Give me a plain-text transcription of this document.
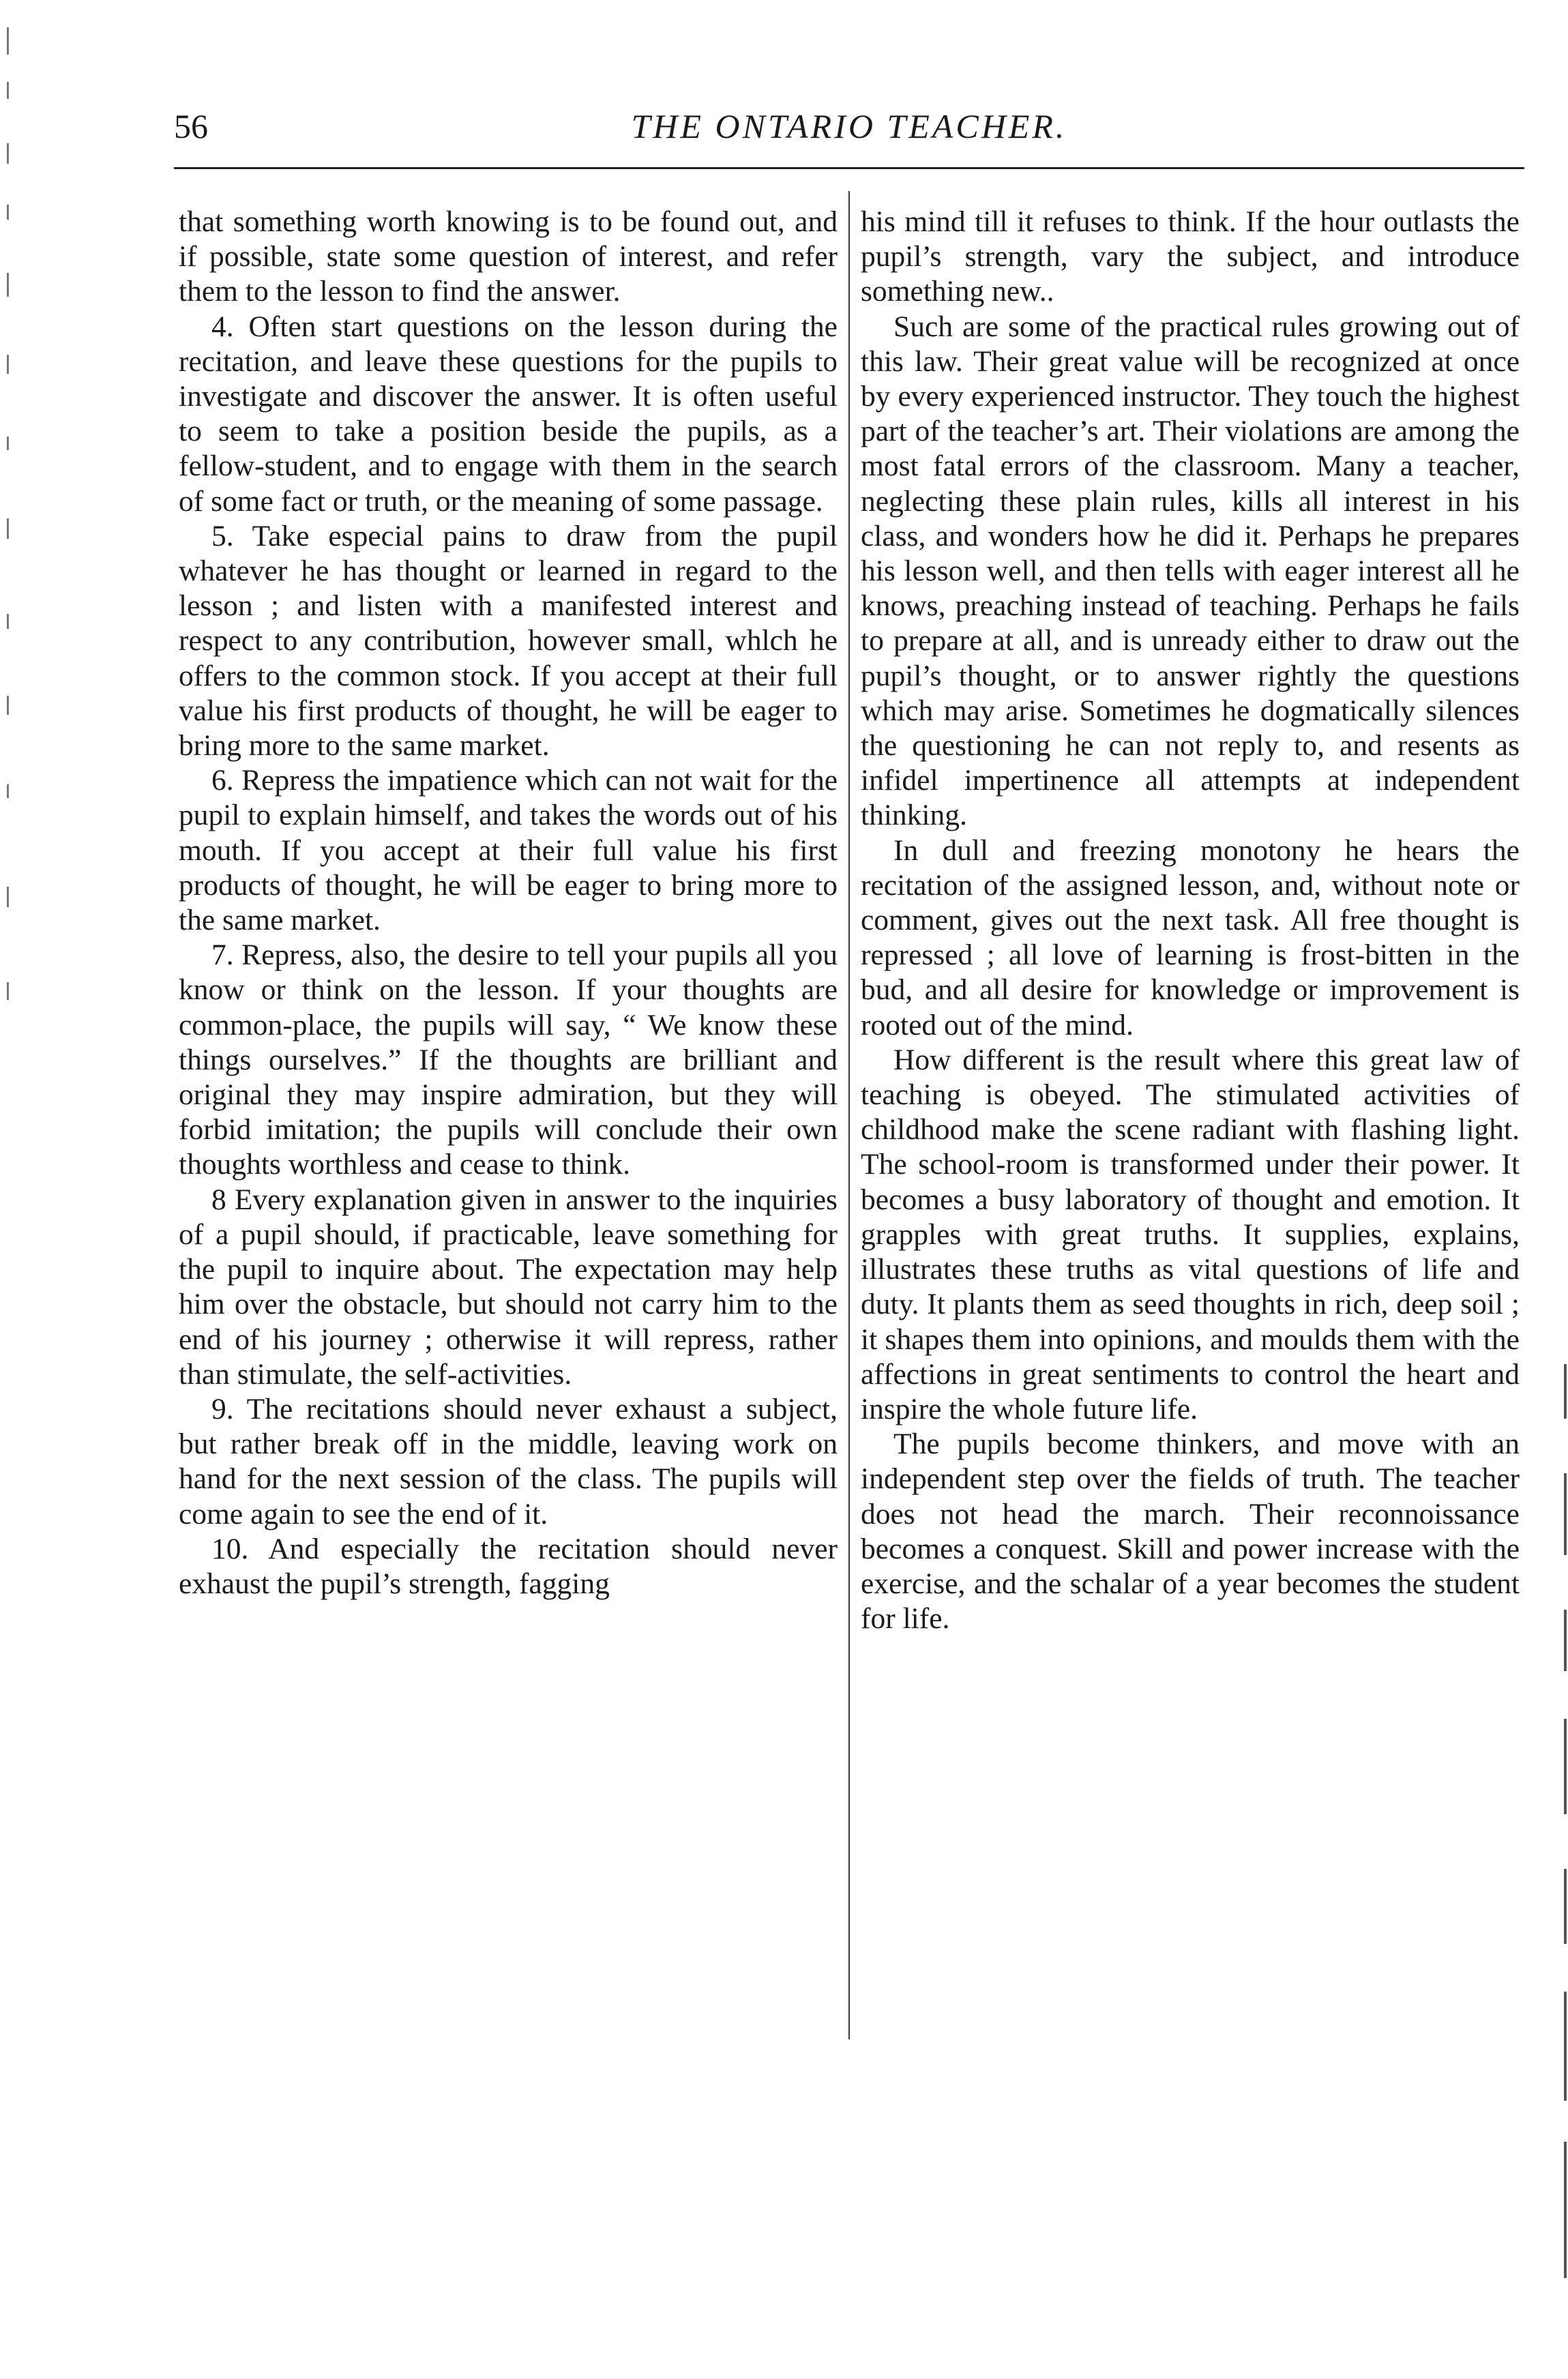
56	THE ONTARIO TEACHER.

that something worth knowing is to be found out, and if possible, state some question of interest, and refer them to the lesson to find the answer.

4. Often start questions on the lesson during the recitation, and leave these questions for the pupils to investigate and discover the answer. It is often useful to seem to take a position beside the pupils, as a fellow-student, and to engage with them in the search of some fact or truth, or the meaning of some passage.

5. Take especial pains to draw from the pupil whatever he has thought or learned in regard to the lesson ; and listen with a manifested interest and respect to any contribution, however small, whlch he offers to the common stock. If you accept at their full value his first products of thought, he will be eager to bring more to the same market.

6. Repress the impatience which can not wait for the pupil to explain himself, and takes the words out of his mouth. If you accept at their full value his first products of thought, he will be eager to bring more to the same market.

7. Repress, also, the desire to tell your pupils all you know or think on the lesson. If your thoughts are common-place, the pupils will say, “ We know these things ourselves.” If the thoughts are brilliant and original they may inspire admiration, but they will forbid imitation; the pupils will conclude their own thoughts worthless and cease to think.

8 Every explanation given in answer to the inquiries of a pupil should, if practicable, leave something for the pupil to inquire about. The expectation may help him over the obstacle, but should not carry him to the end of his journey ; otherwise it will repress, rather than stimulate, the self-activities.

9. The recitations should never exhaust a subject, but rather break off in the middle, leaving work on hand for the next session of the class. The pupils will come again to see the end of it.

10. And especially the recitation should never exhaust the pupil’s strength, fagging

his mind till it refuses to think. If the hour outlasts the pupil’s strength, vary the subject, and introduce something new..

Such are some of the practical rules growing out of this law. Their great value will be recognized at once by every experienced instructor. They touch the highest part of the teacher’s art. Their violations are among the most fatal errors of the classroom. Many a teacher, neglecting these plain rules, kills all interest in his class, and wonders how he did it. Perhaps he prepares his lesson well, and then tells with eager interest all he knows, preaching instead of teaching. Perhaps he fails to prepare at all, and is unready either to draw out the pupil’s thought, or to answer rightly the questions which may arise. Sometimes he dogmatically silences the questioning he can not reply to, and resents as infidel impertinence all attempts at independent thinking.

In dull and freezing monotony he hears the recitation of the assigned lesson, and, without note or comment, gives out the next task. All free thought is repressed ; all love of learning is frost-bitten in the bud, and all desire for knowledge or improvement is rooted out of the mind.

How different is the result where this great law of teaching is obeyed. The stimulated activities of childhood make the scene radiant with flashing light. The school-room is transformed under their power. It becomes a busy laboratory of thought and emotion. It grapples with great truths. It supplies, explains, illustrates these truths as vital questions of life and duty. It plants them as seed thoughts in rich, deep soil ; it shapes them into opinions, and moulds them with the affections in great sentiments to control the heart and inspire the whole future life.

The pupils become thinkers, and move with an independent step over the fields of truth. The teacher does not head the march. Their reconnoissance becomes a conquest. Skill and power increase with the exercise, and the schalar of a year becomes the student for life.
